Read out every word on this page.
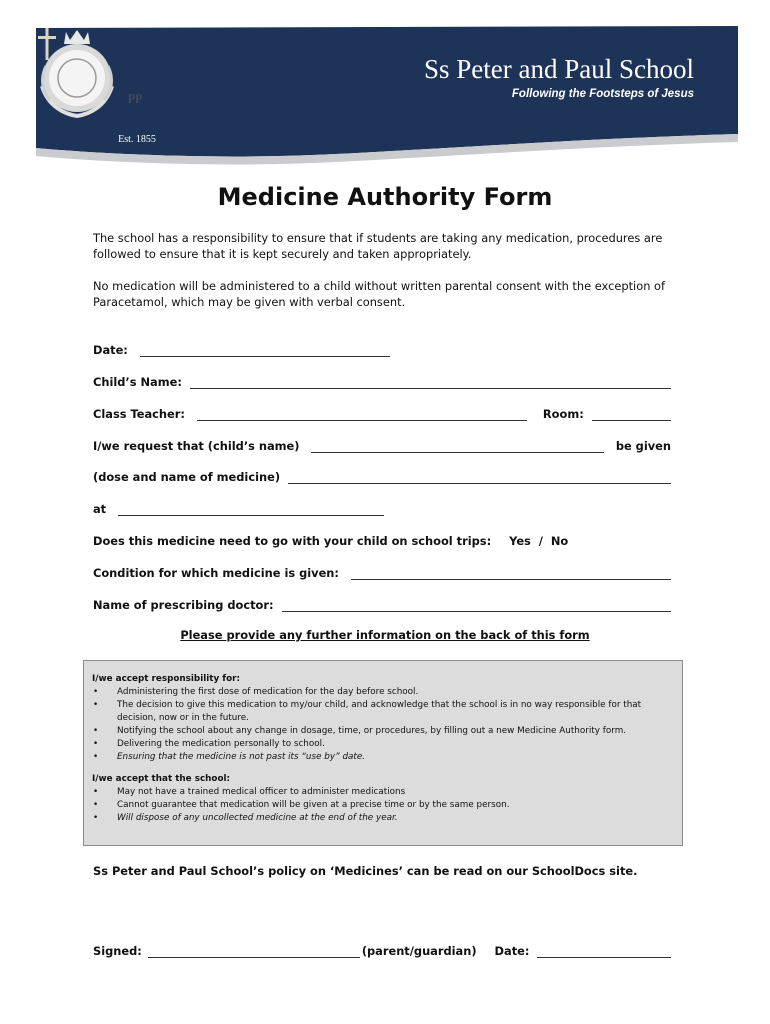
PP
Est. 1855
Ss Peter and Paul School
Following the Footsteps of Jesus
Medicine Authority Form
The school has a responsibility to ensure that if students are taking any medication, procedures are followed to ensure that it is kept securely and taken appropriately.
No medication will be administered to a child without written parental consent with the exception of Paracetamol, which may be given with verbal consent.
Date:
Child’s Name:
Class Teacher:	Room:
I/we request that (child’s name)	be given
(dose and name of medicine)
at
Does this medicine need to go with your child on school trips: Yes  /  No
Condition for which medicine is given:
Name of prescribing doctor:
Please provide any further information on the back of this form
I/we accept responsibility for:
• Administering the first dose of medication for the day before school.
• The decision to give this medication to my/our child, and acknowledge that the school is in no way responsible for that decision, now or in the future.
• Notifying the school about any change in dosage, time, or procedures, by filling out a new Medicine Authority form.
• Delivering the medication personally to school.
• Ensuring that the medicine is not past its “use by” date.
I/we accept that the school:
• May not have a trained medical officer to administer medications
• Cannot guarantee that medication will be given at a precise time or by the same person.
• Will dispose of any uncollected medicine at the end of the year.
Ss Peter and Paul School’s policy on ‘Medicines’ can be read on our SchoolDocs site.
Signed:	(parent/guardian) Date:
